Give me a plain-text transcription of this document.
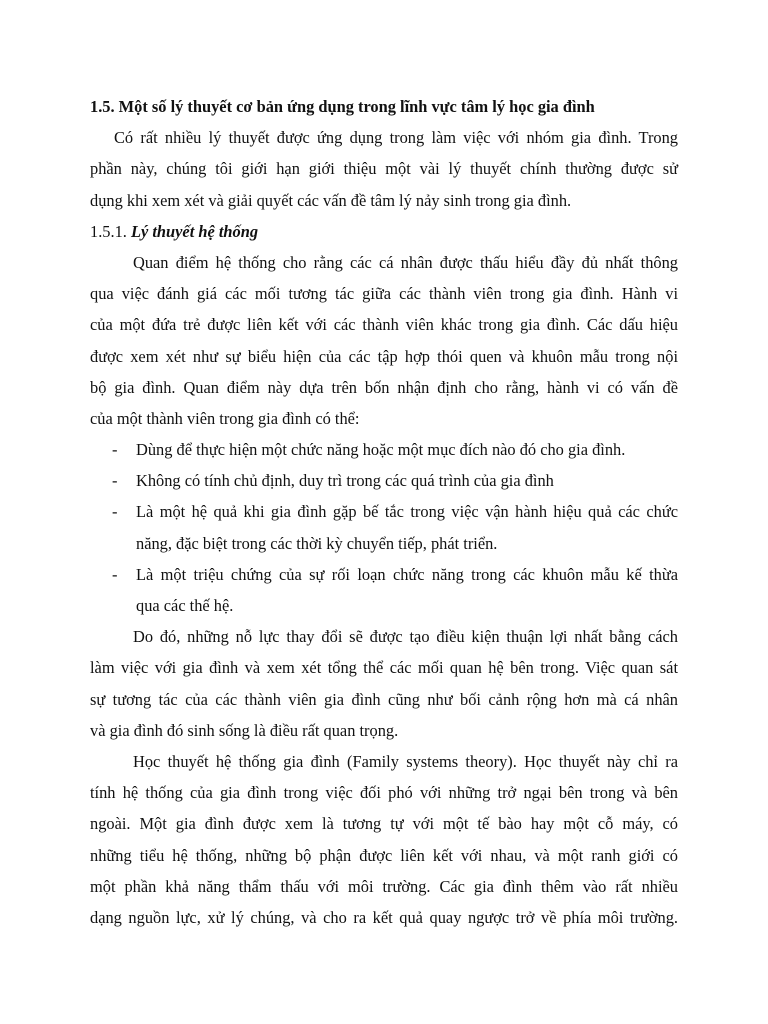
1.5. Một số lý thuyết cơ bản ứng dụng trong lĩnh vực tâm lý học gia đình
Có rất nhiều lý thuyết được ứng dụng trong làm việc với nhóm gia đình. Trong
phần này, chúng tôi giới hạn giới thiệu một vài lý thuyết chính thường được sử
dụng khi xem xét và giải quyết các vấn đề tâm lý nảy sinh trong gia đình.
1.5.1. Lý thuyết hệ thống
Quan điểm hệ thống cho rằng các cá nhân được thấu hiểu đầy đủ nhất thông
qua việc đánh giá các mối tương tác giữa các thành viên trong gia đình. Hành vi
của một đứa trẻ được liên kết với các thành viên khác trong gia đình. Các dấu hiệu
được xem xét như sự biểu hiện của các tập hợp thói quen và khuôn mẫu trong nội
bộ gia đình. Quan điểm này dựa trên bốn nhận định cho rằng, hành vi có vấn đề
của một thành viên trong gia đình có thể:
- Dùng để thực hiện một chức năng hoặc một mục đích nào đó cho gia đình.
- Không có tính chủ định, duy trì trong các quá trình của gia đình
- Là một hệ quả khi gia đình gặp bế tắc trong việc vận hành hiệu quả các chức
năng, đặc biệt trong các thời kỳ chuyển tiếp, phát triển.
- Là một triệu chứng của sự rối loạn chức năng trong các khuôn mẫu kế thừa
qua các thế hệ.
Do đó, những nỗ lực thay đổi sẽ được tạo điều kiện thuận lợi nhất bằng cách
làm việc với gia đình và xem xét tổng thể các mối quan hệ bên trong. Việc quan sát
sự tương tác của các thành viên gia đình cũng như bối cảnh rộng hơn mà cá nhân
và gia đình đó sinh sống là điều rất quan trọng.
Học thuyết hệ thống gia đình (Family systems theory). Học thuyết này chỉ ra
tính hệ thống của gia đình trong việc đối phó với những trở ngại bên trong và bên
ngoài. Một gia đình được xem là tương tự với một tế bào hay một cỗ máy, có
những tiểu hệ thống, những bộ phận được liên kết với nhau, và một ranh giới có
một phần khả năng thẩm thấu với môi trường. Các gia đình thêm vào rất nhiều
dạng nguồn lực, xử lý chúng, và cho ra kết quả quay ngược trở về phía môi trường.
